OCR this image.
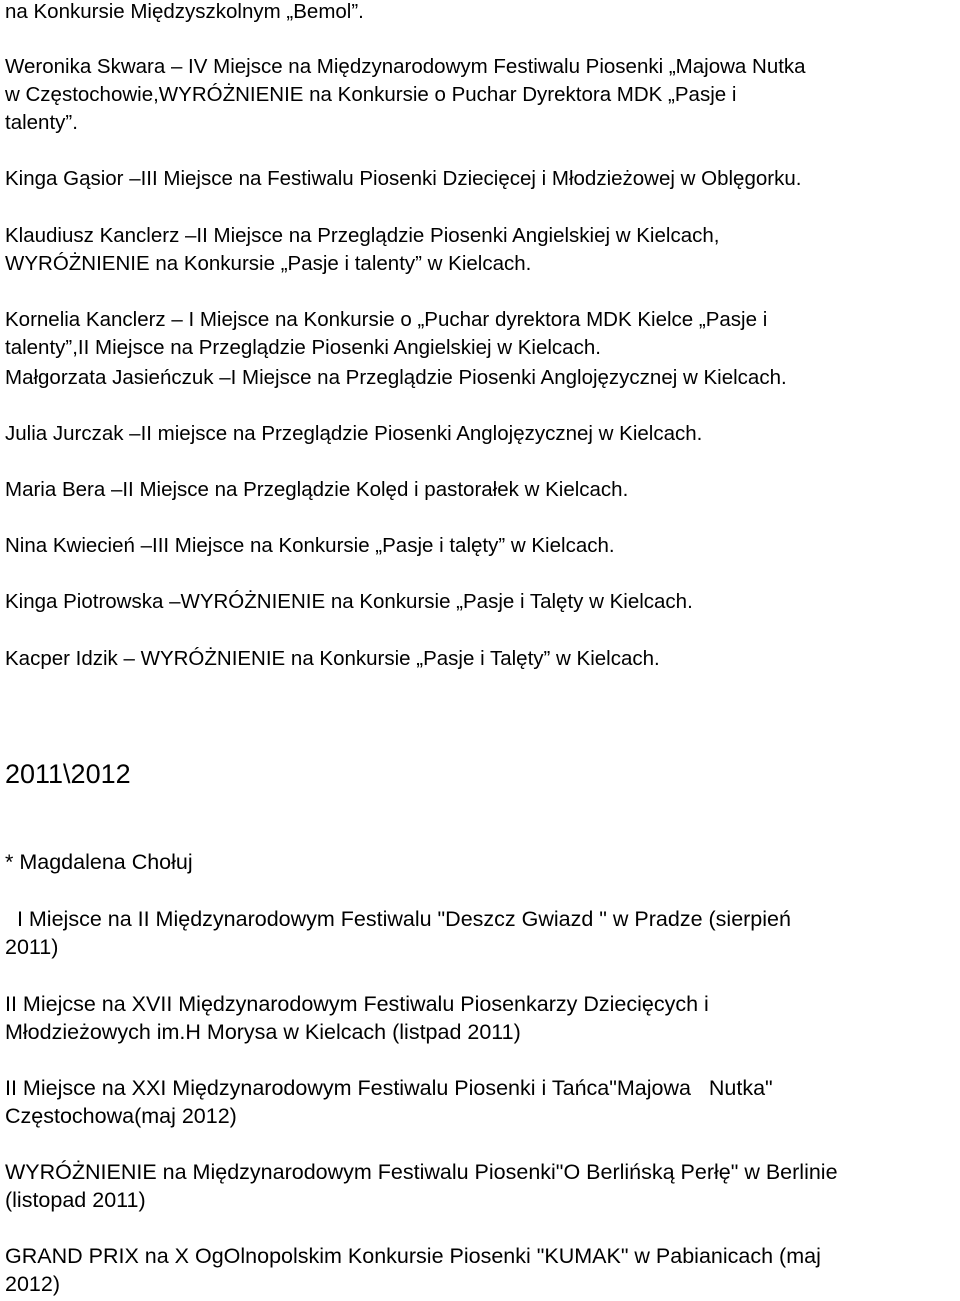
na Konkursie Międzyszkolnym „Bemol”.

Weronika Skwara – IV Miejsce na Międzynarodowym Festiwalu Piosenki „Majowa Nutka
w Częstochowie,WYRÓŻNIENIE na Konkursie o Puchar Dyrektora MDK „Pasje i
talenty”.

Kinga Gąsior –III Miejsce na Festiwalu Piosenki Dziecięcej i Młodzieżowej w Oblęgorku.

Klaudiusz Kanclerz –II Miejsce na Przeglądzie Piosenki Angielskiej w Kielcach,
WYRÓŻNIENIE na Konkursie „Pasje i talenty” w Kielcach.

Kornelia Kanclerz – I Miejsce na Konkursie o „Puchar dyrektora MDK Kielce „Pasje i
talenty”,II Miejsce na Przeglądzie Piosenki Angielskiej w Kielcach.

Małgorzata Jasieńczuk –I Miejsce na Przeglądzie Piosenki Anglojęzycznej w Kielcach.

Julia Jurczak –II miejsce na Przeglądzie Piosenki Anglojęzycznej w Kielcach.

Maria Bera –II Miejsce na Przeglądzie Kolęd i pastorałek w Kielcach.

Nina Kwiecień –III Miejsce na Konkursie „Pasje i talęty” w Kielcach.

Kinga Piotrowska –WYRÓŻNIENIE na Konkursie „Pasje i Talęty w Kielcach.

Kacper Idzik – WYRÓŻNIENIE na Konkursie „Pasje i Talęty” w Kielcach.

2011\2012

* Magdalena Chołuj

I Miejsce na II Międzynarodowym Festiwalu "Deszcz Gwiazd " w Pradze (sierpień
2011)

II Miejcse na XVII Międzynarodowym Festiwalu Piosenkarzy Dziecięcych i
Młodzieżowych im.H Morysa w Kielcach (listpad 2011)

II Miejsce na XXI Międzynarodowym Festiwalu Piosenki i Tańca"Majowa   Nutka"
Częstochowa(maj 2012)

WYRÓŻNIENIE na Międzynarodowym Festiwalu Piosenki"O Berlińską Perłę" w Berlinie
(listopad 2011)

GRAND PRIX na X OgOlnopolskim Konkursie Piosenki "KUMAK" w Pabianicach (maj
2012)
